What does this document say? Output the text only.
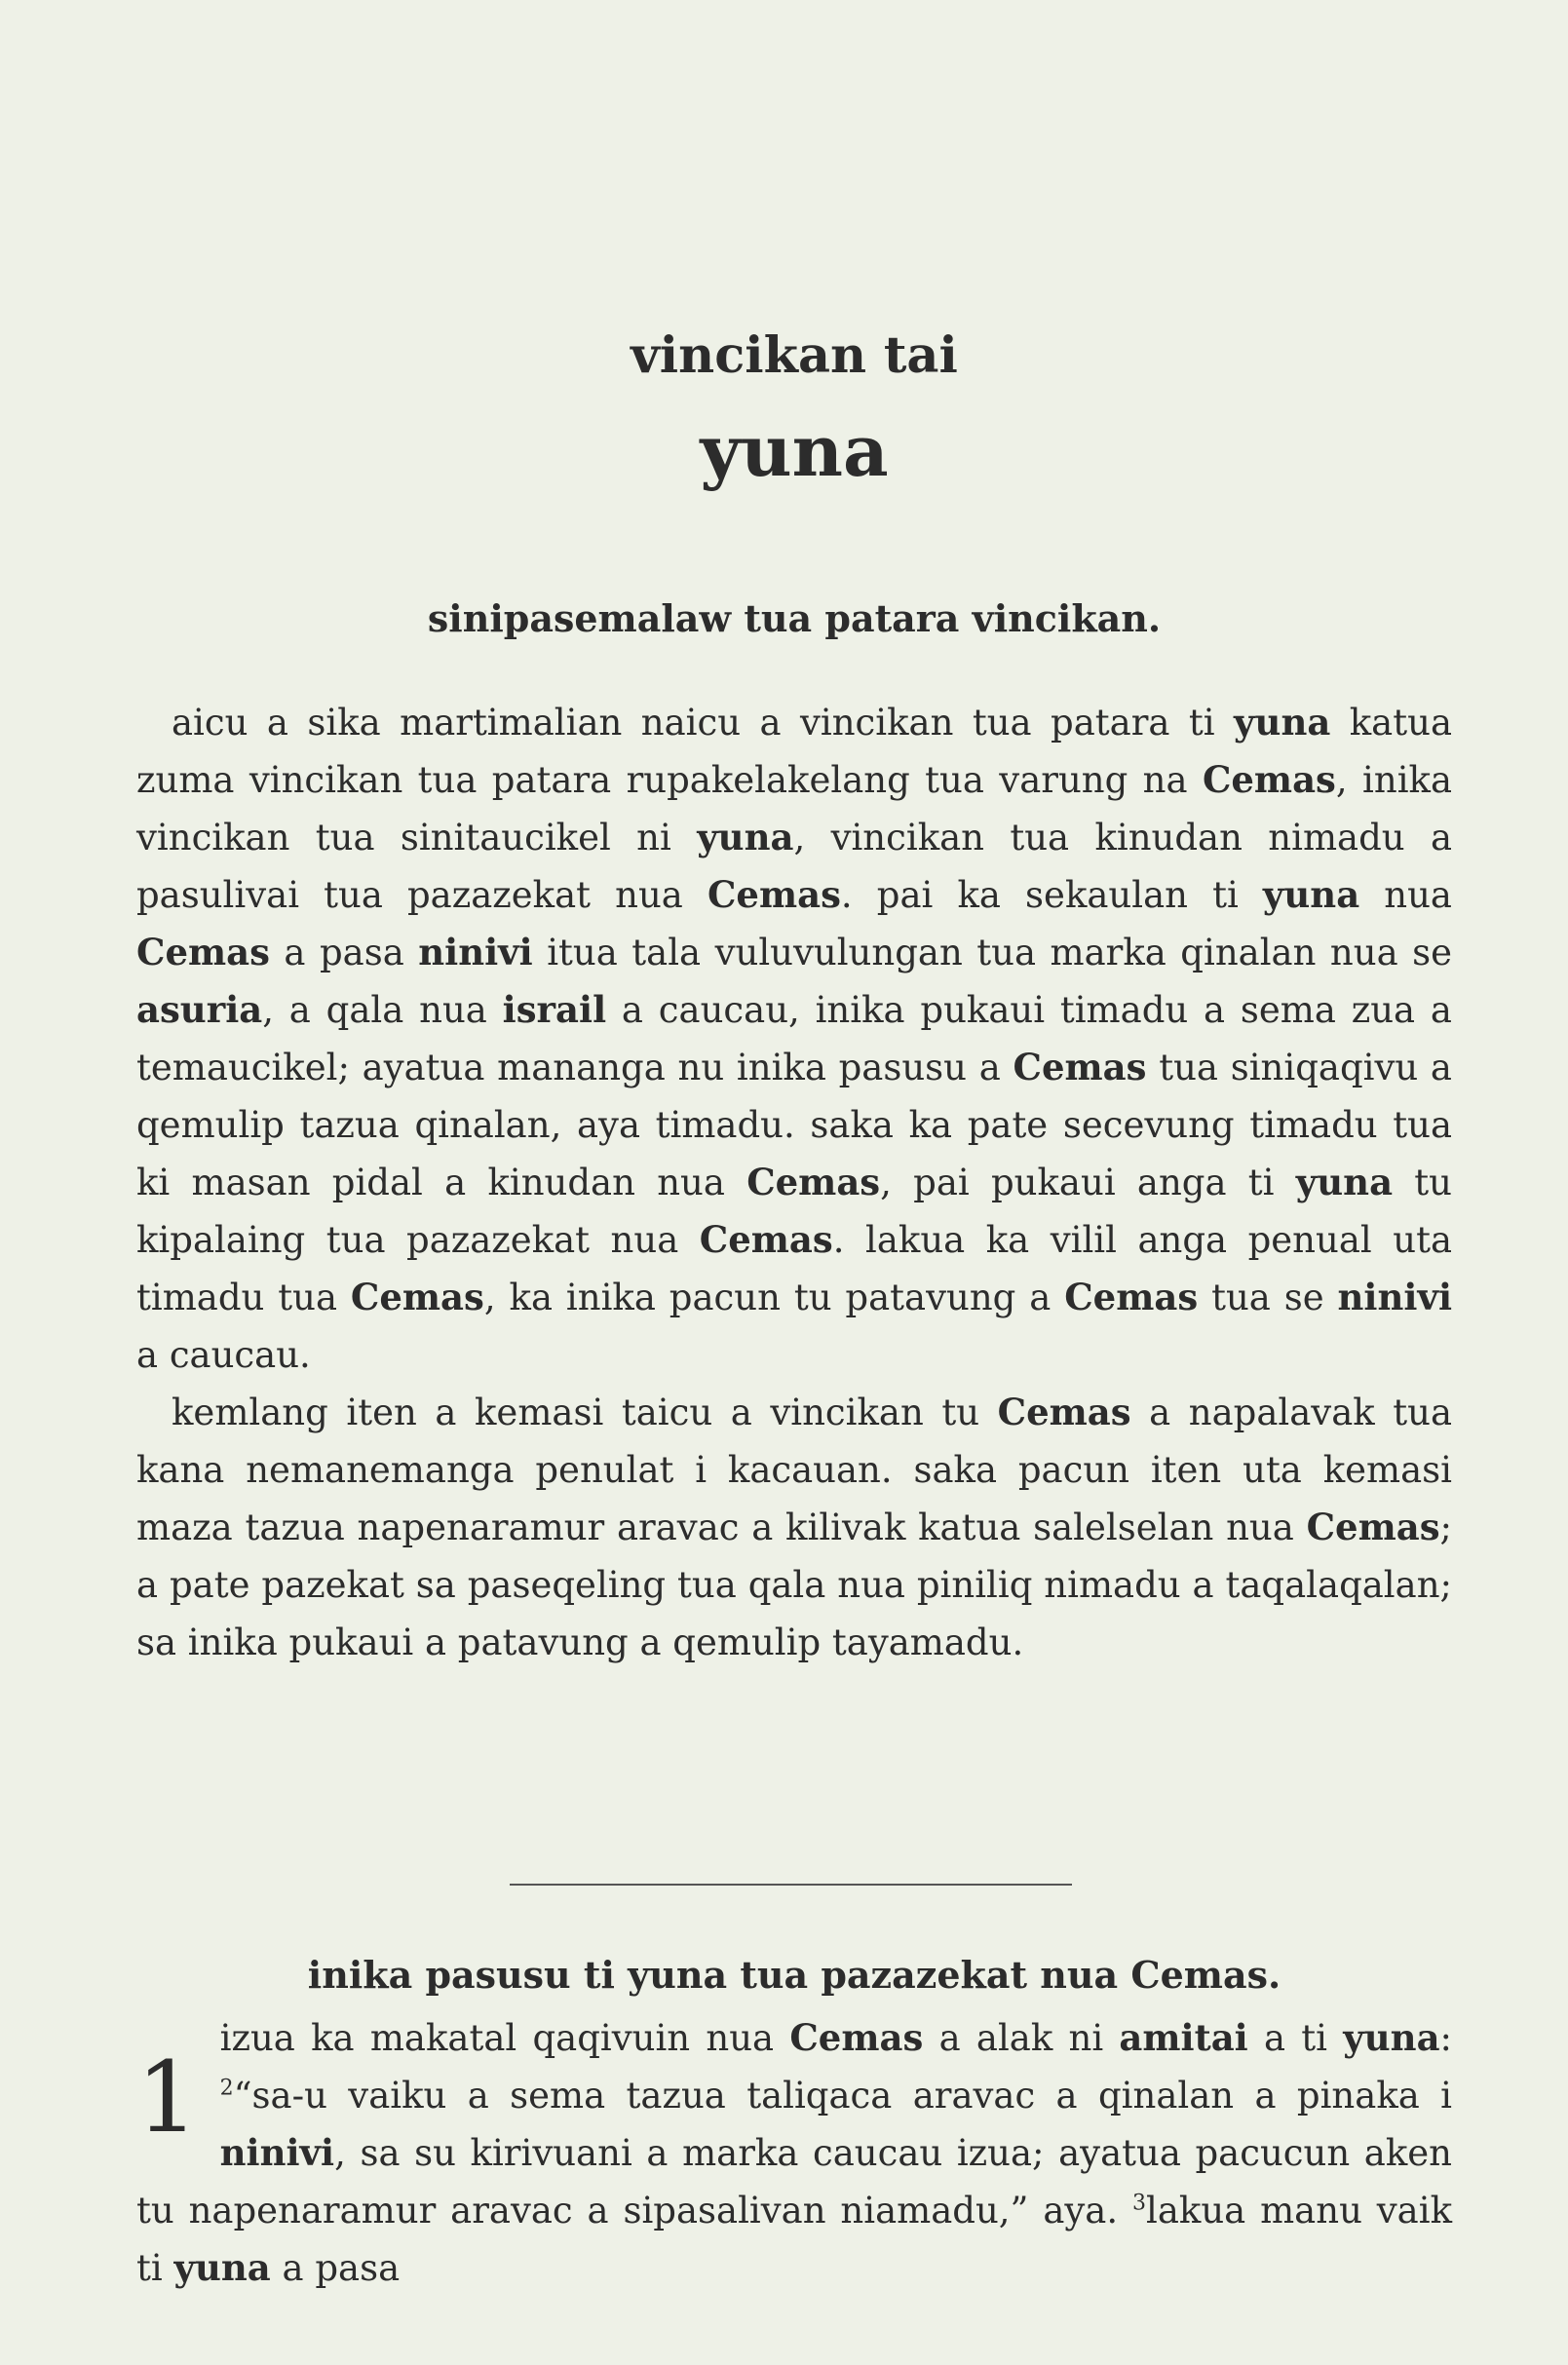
vincikan tai
yuna
sinipasemalaw tua patara vincikan.

aicu a sika martimalian naicu a vincikan tua patara ti yuna katua zuma vincikan tua patara rupakelakelang tua varung na Cemas, inika vincikan tua sinitaucikel ni yuna, vincikan tua kinudan nimadu a pasulivai tua pazazekat nua Cemas. pai ka sekaulan ti yuna nua Cemas a pasa ninivi itua tala vuluvulungan tua marka qinalan nua se asuria, a qala nua israil a caucau, inika pukaui timadu a sema zua a temaucikel; ayatua mananga nu inika pasusu a Cemas tua siniqaqivu a qemulip tazua qinalan, aya timadu. saka ka pate secevung timadu tua ki masan pidal a kinudan nua Cemas, pai pukaui anga ti yuna tu kipalaing tua pazazekat nua Cemas. lakua ka vilil anga penual uta timadu tua Cemas, ka inika pacun tu patavung a Cemas tua se ninivi a caucau.

kemlang iten a kemasi taicu a vincikan tu Cemas a napalavak tua kana nemanemanga penulat i kacauan. saka pacun iten uta kemasi maza tazua napenaramur aravac a kilivak katua salelselan nua Cemas; a pate pazekat sa paseqeling tua qala nua piniliq nimadu a taqalaqalan; sa inika pukaui a patavung a qemulip tayamadu.

inika pasusu ti yuna tua pazazekat nua Cemas.
1
izua ka makatal qaqivuin nua Cemas a alak ni amitai a ti yuna: $^2$“sa-u vaiku a sema tazua taliqaca aravac a qinalan a pinaka i ninivi, sa su kirivuani a marka caucau izua; ayatua pacucun aken tu napenaramur aravac a sipasalivan niamadu,” aya. $^3$lakua manu vaik ti yuna a pasa
